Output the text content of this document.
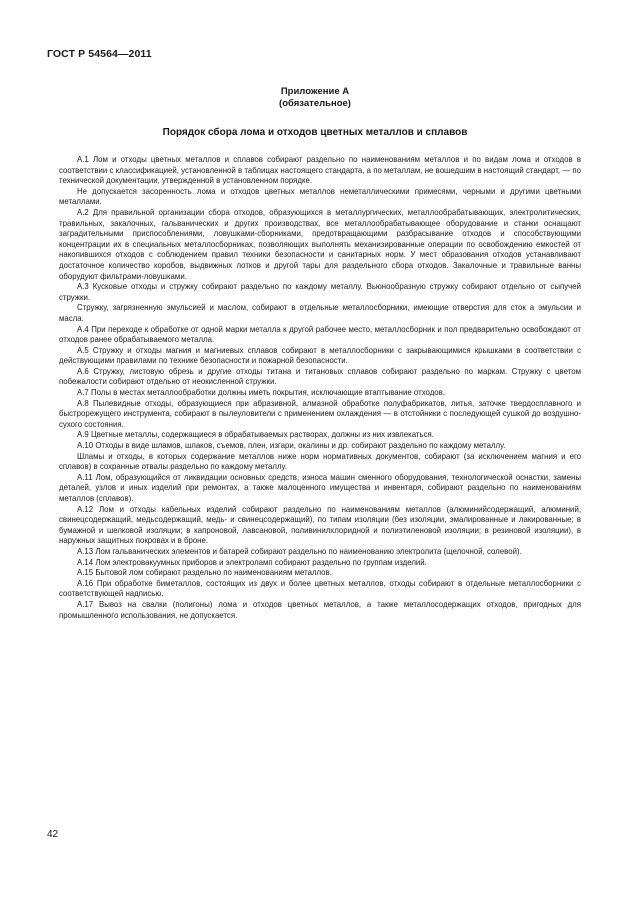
ГОСТ Р 54564—2011
Приложение А
(обязательное)
Порядок сбора лома и отходов цветных металлов и сплавов

А.1 Лом и отходы цветных металлов и сплавов собирают раздельно по наименованиям металлов и по видам лома и отходов в соответствии с классификацией, установленной в таблицах настоящего стандарта, а по металлам, не вошедшим в настоящий стандарт, — по технической документации, утвержденной в установленном порядке.

Не допускается засоренность лома и отходов цветных металлов неметаллическими примесями, черными и другими цветными металлами.

А.2 Для правильной организации сбора отходов, образующихся в металлургических, металлообрабатывающих, электролитических, травильных, закалочных, гальванических и других производствах, все металлообрабатывающее оборудование и станки оснащают заградительными приспособлениями, ловушками-сборниками, предотвращающими разбрасывание отходов и способствующими концентрации их в специальных металлосборниках, позволяющих выполнять механизированные операции по освобождению емкостей от накопившихся отходов с соблюдением правил техники безопасности и санитарных норм. У мест образования отходов устанавливают достаточное количество коробов, выдвижных лотков и другой тары для раздельного сбора отходов. Закалочные и травильные ванны оборудуют фильтрами-ловушками.

А.3 Кусковые отходы и стружку собирают раздельно по каждому металлу. Вьюнообразную стружку собирают отдельно от сыпучей стружки.

Стружку, загрязненную эмульсией и маслом, собирают в отдельные металлосборники, имеющие отверстия для сток а эмульсии и масла.

А.4 При переходе к обработке от одной марки металла к другой рабочее место, металлосборник и пол предварительно освобождают от отходов ранее обрабатываемого металла.

А.5 Стружку и отходы магния и магниевых сплавов собирают в металлосборники с закрывающимися крышками в соответствии с действующими правилами по технике безопасности и пожарной безопасности.

А.6 Стружку, листовую обрезь и другие отходы титана и титановых сплавов собирают раздельно по маркам. Стружку с цветом побежалости собирают отдельно от неокисленной стружки.

А.7 Полы в местах металлообработки должны иметь покрытия, исключающие втаптывание отходов.

А.8 Пылевидные отходы, образующиеся при абразивной, алмазной обработке полуфабрикатов, литья, заточке твердосплавного и быстрорежущего инструмента, собирают в пылеуловители с применением охлаждения — в отстойники с последующей сушкой до воздушно-сухого состояния.

А.9 Цветные металлы, содержащиеся в обрабатываемых растворах, должны из них извлекаться.

А.10 Отходы в виде шламов, шлаков, съемов, плен, изгари, окалины и др. собирают раздельно по каждому металлу.

Шламы и отходы, в которых содержание металлов ниже норм нормативных документов, собирают (за исключением магния и его сплавов) в сохранные отвалы раздельно по каждому металлу.

А.11 Лом, образующийся от ликвидации основных средств, износа машин сменного оборудования, технологической оснастки, замены деталей, узлов и иных изделий при ремонтах, а также малоценного имущества и инвентаря, собирают раздельно по наименованиям металлов (сплавов).

А.12 Лом и отходы кабельных изделий собирают раздельно по наименованиям металлов (алюминийсодержащий, алюминий, свинецсодержащий, медьсодержащий, медь- и свинецсодержащий), по типам изоляции (без изоляции, эмалированные и лакированные; в бумажной и шелковой изоляции; в капроновой, лавсановой, поливинилхлоридной и полиэтиленовой изоляции; в резиновой изоляции), в наружных защитных покровах и в броне.

А.13 Лом гальванических элементов и батарей собирают раздельно по наименованию электролита (щелочной, солевой).

А.14 Лом электровакуумных приборов и электроламп собирают раздельно по группам изделий.

А.15 Бытовой лом собирают раздельно по наименованиям металлов.

А.16 При обработке биметаллов, состоящих из двух и более цветных металлов, отходы собирают в отдельные металлосборники с соответствующей надписью.

А.17 Вывоз на свалки (полигоны) лома и отходов цветных металлов, а также металлосодержащих отходов, пригодных для промышленного использования, не допускается.

42
